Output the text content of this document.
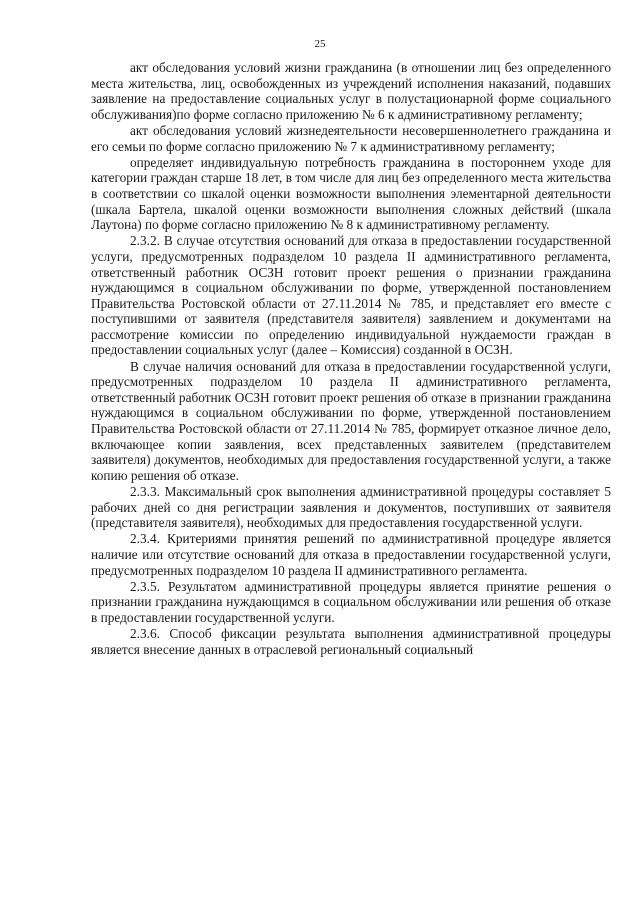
25

акт обследования условий жизни гражданина (в отношении лиц без определенного места жительства, лиц, освобожденных из учреждений исполнения наказаний, подавших заявление на предоставление социальных услуг в полустационарной форме социального обслуживания)по форме согласно приложению № 6 к административному регламенту;

акт обследования условий жизнедеятельности несовершеннолетнего гражданина и его семьи по форме согласно приложению № 7 к административному регламенту;

определяет индивидуальную потребность гражданина в постороннем уходе для категории граждан старше 18 лет, в том числе для лиц без определенного места жительства в соответствии со шкалой оценки возможности выполнения элементарной деятельности (шкала Бартела, шкалой оценки возможности выполнения сложных действий (шкала Лаутона) по форме согласно приложению № 8 к административному регламенту.

2.3.2. В случае отсутствия оснований для отказа в предоставлении государственной услуги, предусмотренных подразделом 10 раздела II административного регламента, ответственный работник ОСЗН готовит проект решения о признании гражданина нуждающимся в социальном обслуживании по форме, утвержденной постановлением Правительства Ростовской области от 27.11.2014 № 785, и представляет его вместе с поступившими от заявителя (представителя заявителя) заявлением и документами на рассмотрение комиссии по определению индивидуальной нуждаемости граждан в предоставлении социальных услуг (далее – Комиссия) созданной в ОСЗН.

В случае наличия оснований для отказа в предоставлении государственной услуги, предусмотренных подразделом 10 раздела II административного регламента, ответственный работник ОСЗН готовит проект решения об отказе в признании гражданина нуждающимся в социальном обслуживании по форме, утвержденной постановлением Правительства Ростовской области от 27.11.2014 № 785, формирует отказное личное дело, включающее копии заявления, всех представленных заявителем (представителем заявителя) документов, необходимых для предоставления государственной услуги, а также копию решения об отказе.

2.3.3. Максимальный срок выполнения административной процедуры составляет 5 рабочих дней со дня регистрации заявления и документов, поступивших от заявителя (представителя заявителя), необходимых для предоставления государственной услуги.

2.3.4. Критериями принятия решений по административной процедуре является наличие или отсутствие оснований для отказа в предоставлении государственной услуги, предусмотренных подразделом 10 раздела II административного регламента.

2.3.5. Результатом административной процедуры является принятие решения о признании гражданина нуждающимся в социальном обслуживании или решения об отказе в предоставлении государственной услуги.

2.3.6. Способ фиксации результата выполнения административной процедуры является внесение данных в отраслевой региональный социальный
